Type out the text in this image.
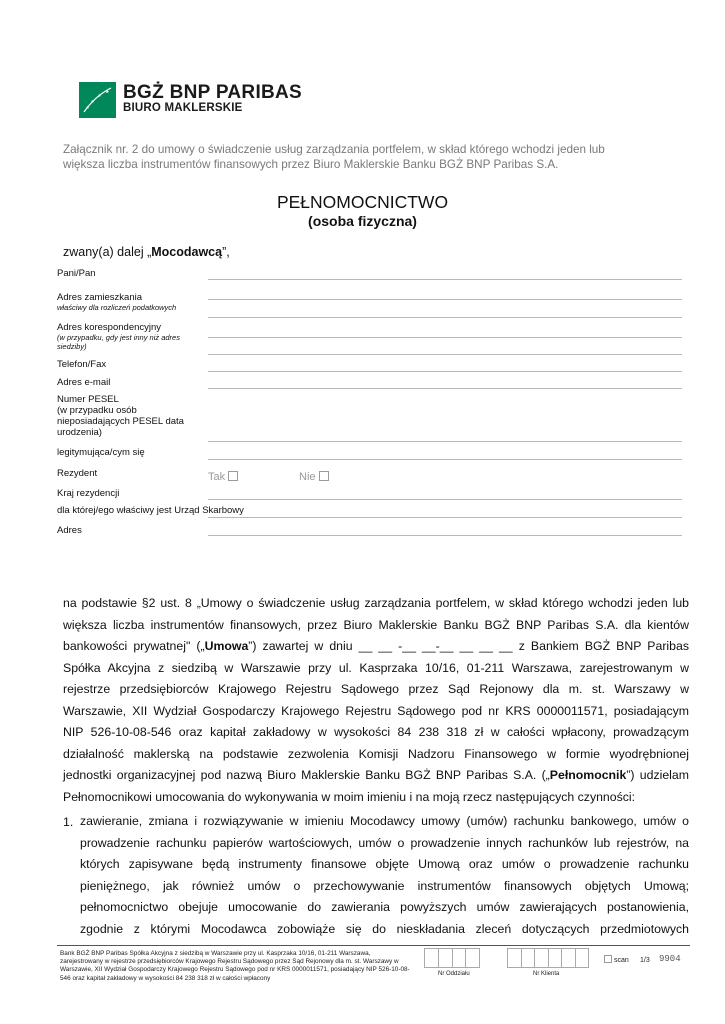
BGŻ BNP PARIBAS
BIURO MAKLERSKIE
Załącznik nr. 2 do umowy o świadczenie usług zarządzania portfelem, w skład którego wchodzi jeden lub
większa liczba instrumentów finansowych przez Biuro Maklerskie Banku BGŻ BNP Paribas S.A.
PEŁNOMOCNICTWO
(osoba fizyczna)
zwany(a) dalej „Mocodawcą”,
Pani/Pan
Adres zamieszkania
właściwy dla rozliczeń podatkowych
Adres korespondencyjny
(w przypadku, gdy jest inny niż adres siedziby)
Telefon/Fax
Adres e-mail
Numer PESEL
(w przypadku osób nieposiadających PESEL data urodzenia)
legitymująca/cym się
Rezydent	Tak	Nie
Kraj rezydencji
dla której/ego właściwy jest Urząd Skarbowy
Adres
na podstawie §2 ust. 8 „Umowy o świadczenie usług zarządzania portfelem, w skład którego wchodzi jeden lub
większa liczba instrumentów finansowych, przez Biuro Maklerskie Banku BGŻ BNP Paribas S.A. dla kientów
bankowości prywatnej" („Umowa”) zawartej w dniu __ __ -__ __-__ __ __ __ z Bankiem BGŻ BNP Paribas
Spółka Akcyjna z siedzibą w Warszawie przy ul. Kasprzaka 10/16, 01-211 Warszawa, zarejestrowanym w
rejestrze przedsiębiorców Krajowego Rejestru Sądowego przez Sąd Rejonowy dla m. st. Warszawy w
Warszawie, XII Wydział Gospodarczy Krajowego Rejestru Sądowego pod nr KRS 0000011571, posiadającym
NIP 526-10-08-546 oraz kapitał zakładowy w wysokości 84 238 318 zł w całości wpłacony, prowadzącym
działalność maklerską na podstawie zezwolenia Komisji Nadzoru Finansowego w formie wyodrębnionej
jednostki organizacyjnej pod nazwą Biuro Maklerskie Banku BGŻ BNP Paribas S.A. („Pełnomocnik”) udzielam
Pełnomocnikowi umocowania do wykonywania w moim imieniu i na moją rzecz następujących czynności:
1. zawieranie, zmiana i rozwiązywanie w imieniu Mocodawcy umowy (umów) rachunku bankowego, umów o
prowadzenie rachunku papierów wartościowych, umów o prowadzenie innych rachunków lub rejestrów, na
których zapisywane będą instrumenty finansowe objęte Umową oraz umów o prowadzenie rachunku
pieniężnego, jak również umów o przechowywanie instrumentów finansowych objętych Umową;
pełnomocnictwo obejuje umocowanie do zawierania powyższych umów zawierających postanowienia,
zgodnie z którymi Mocodawca zobowiąże się do nieskładania zleceń dotyczących przedmiotowych
Bank BGŻ BNP Paribas Spółka Akcyjna z siedzibą w Warszawie przy ul. Kasprzaka 10/16, 01-211 Warszawa, zarejestrowany w rejestrze przedsiębiorców Krajowego Rejestru Sądowego przez Sąd Rejonowy dla m. st. Warszawy w Warszawie, XII Wydział Gospodarczy Krajowego Rejestru Sądowego pod nr KRS 0000011571, posiadający NIP 526-10-08-546 oraz kapitał zakładowy w wysokości 84 238 318 zł w całości wpłacony
Nr Oddziału	Nr Klienta
scan 1/3 9904
